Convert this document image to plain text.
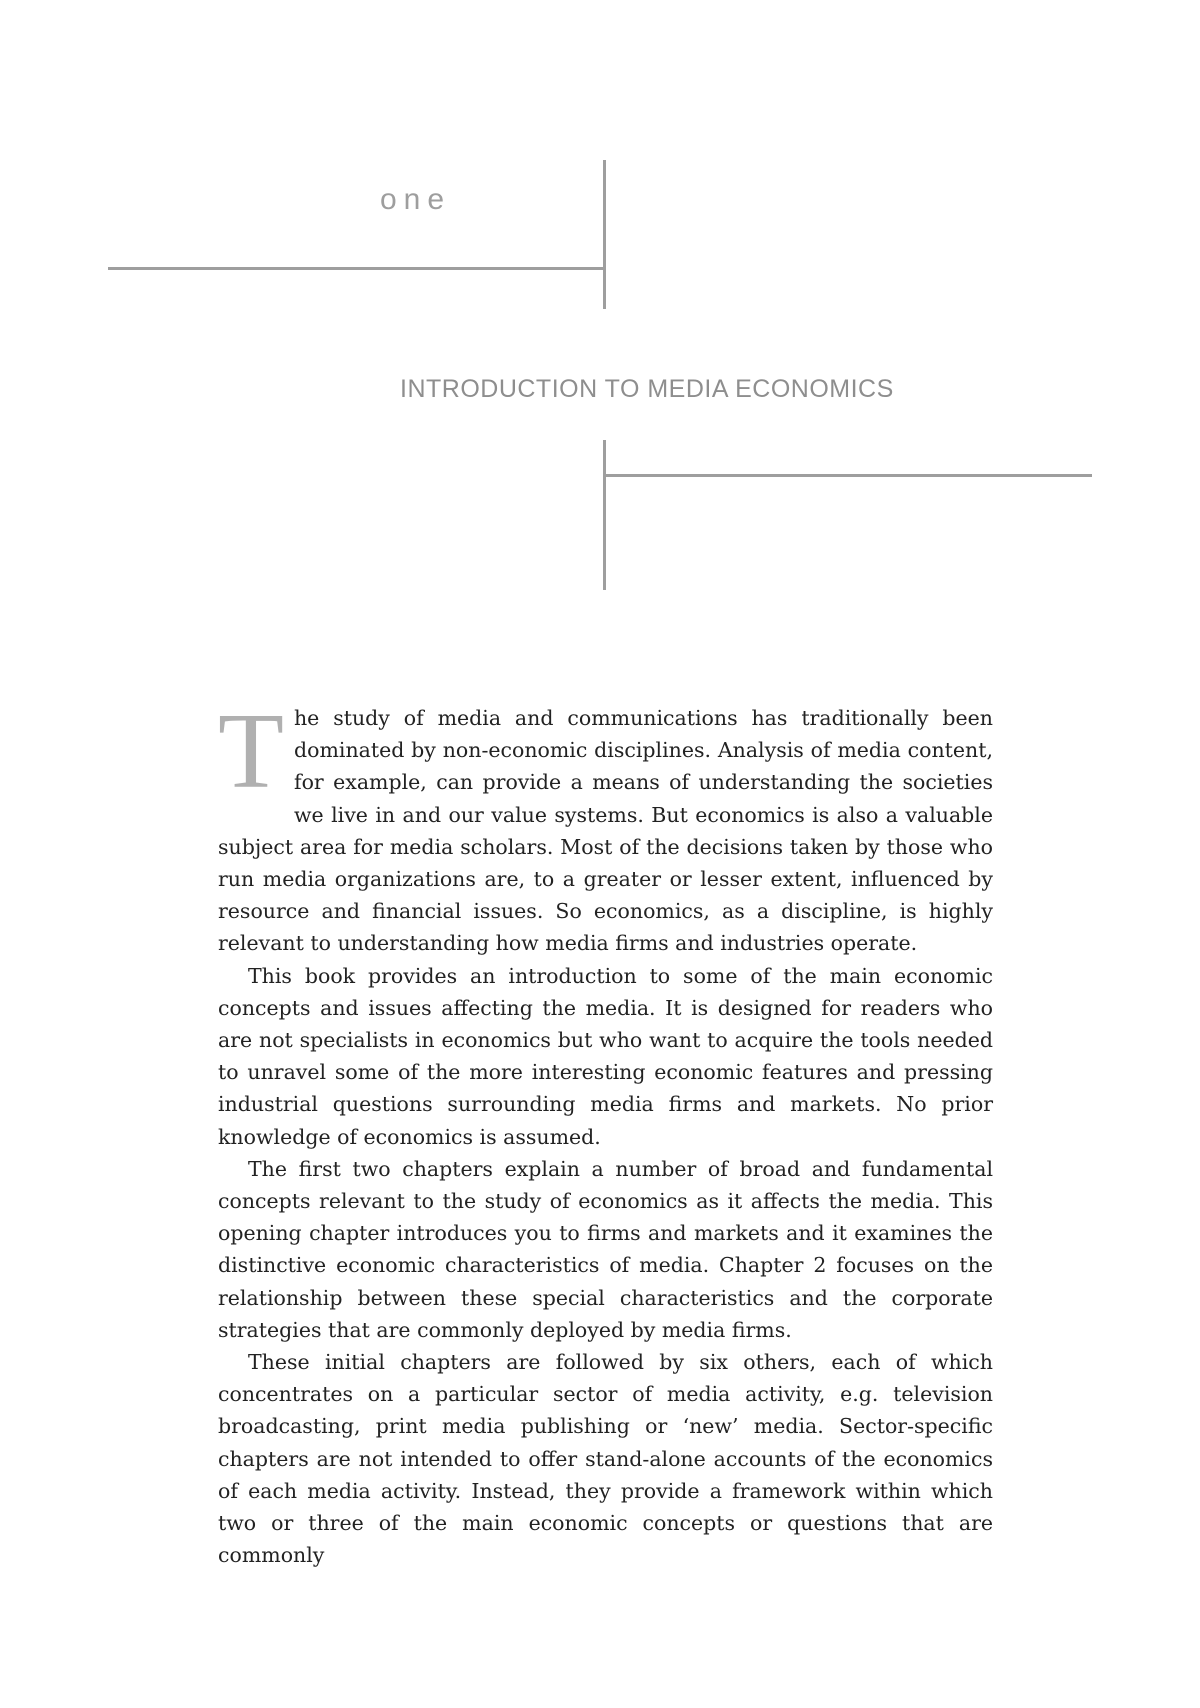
one
INTRODUCTION TO MEDIA ECONOMICS

The study of media and communications has traditionally been dominated by non-economic disciplines. Analysis of media content, for example, can provide a means of understanding the societies we live in and our value systems. But economics is also a valuable subject area for media scholars. Most of the decisions taken by those who run media organizations are, to a greater or lesser extent, influenced by resource and financial issues. So economics, as a discipline, is highly relevant to understanding how media firms and industries operate.

This book provides an introduction to some of the main economic concepts and issues affecting the media. It is designed for readers who are not specialists in economics but who want to acquire the tools needed to unravel some of the more interesting economic features and pressing industrial questions surrounding media firms and markets. No prior knowledge of economics is assumed.

The first two chapters explain a number of broad and fundamental concepts relevant to the study of economics as it affects the media. This opening chapter introduces you to firms and markets and it examines the distinctive economic characteristics of media. Chapter 2 focuses on the relationship between these special characteristics and the corporate strategies that are commonly deployed by media firms.

These initial chapters are followed by six others, each of which concentrates on a particular sector of media activity, e.g. television broadcasting, print media publishing or ‘new’ media. Sector-specific chapters are not intended to offer stand-alone accounts of the economics of each media activity. Instead, they provide a framework within which two or three of the main economic concepts or questions that are commonly
